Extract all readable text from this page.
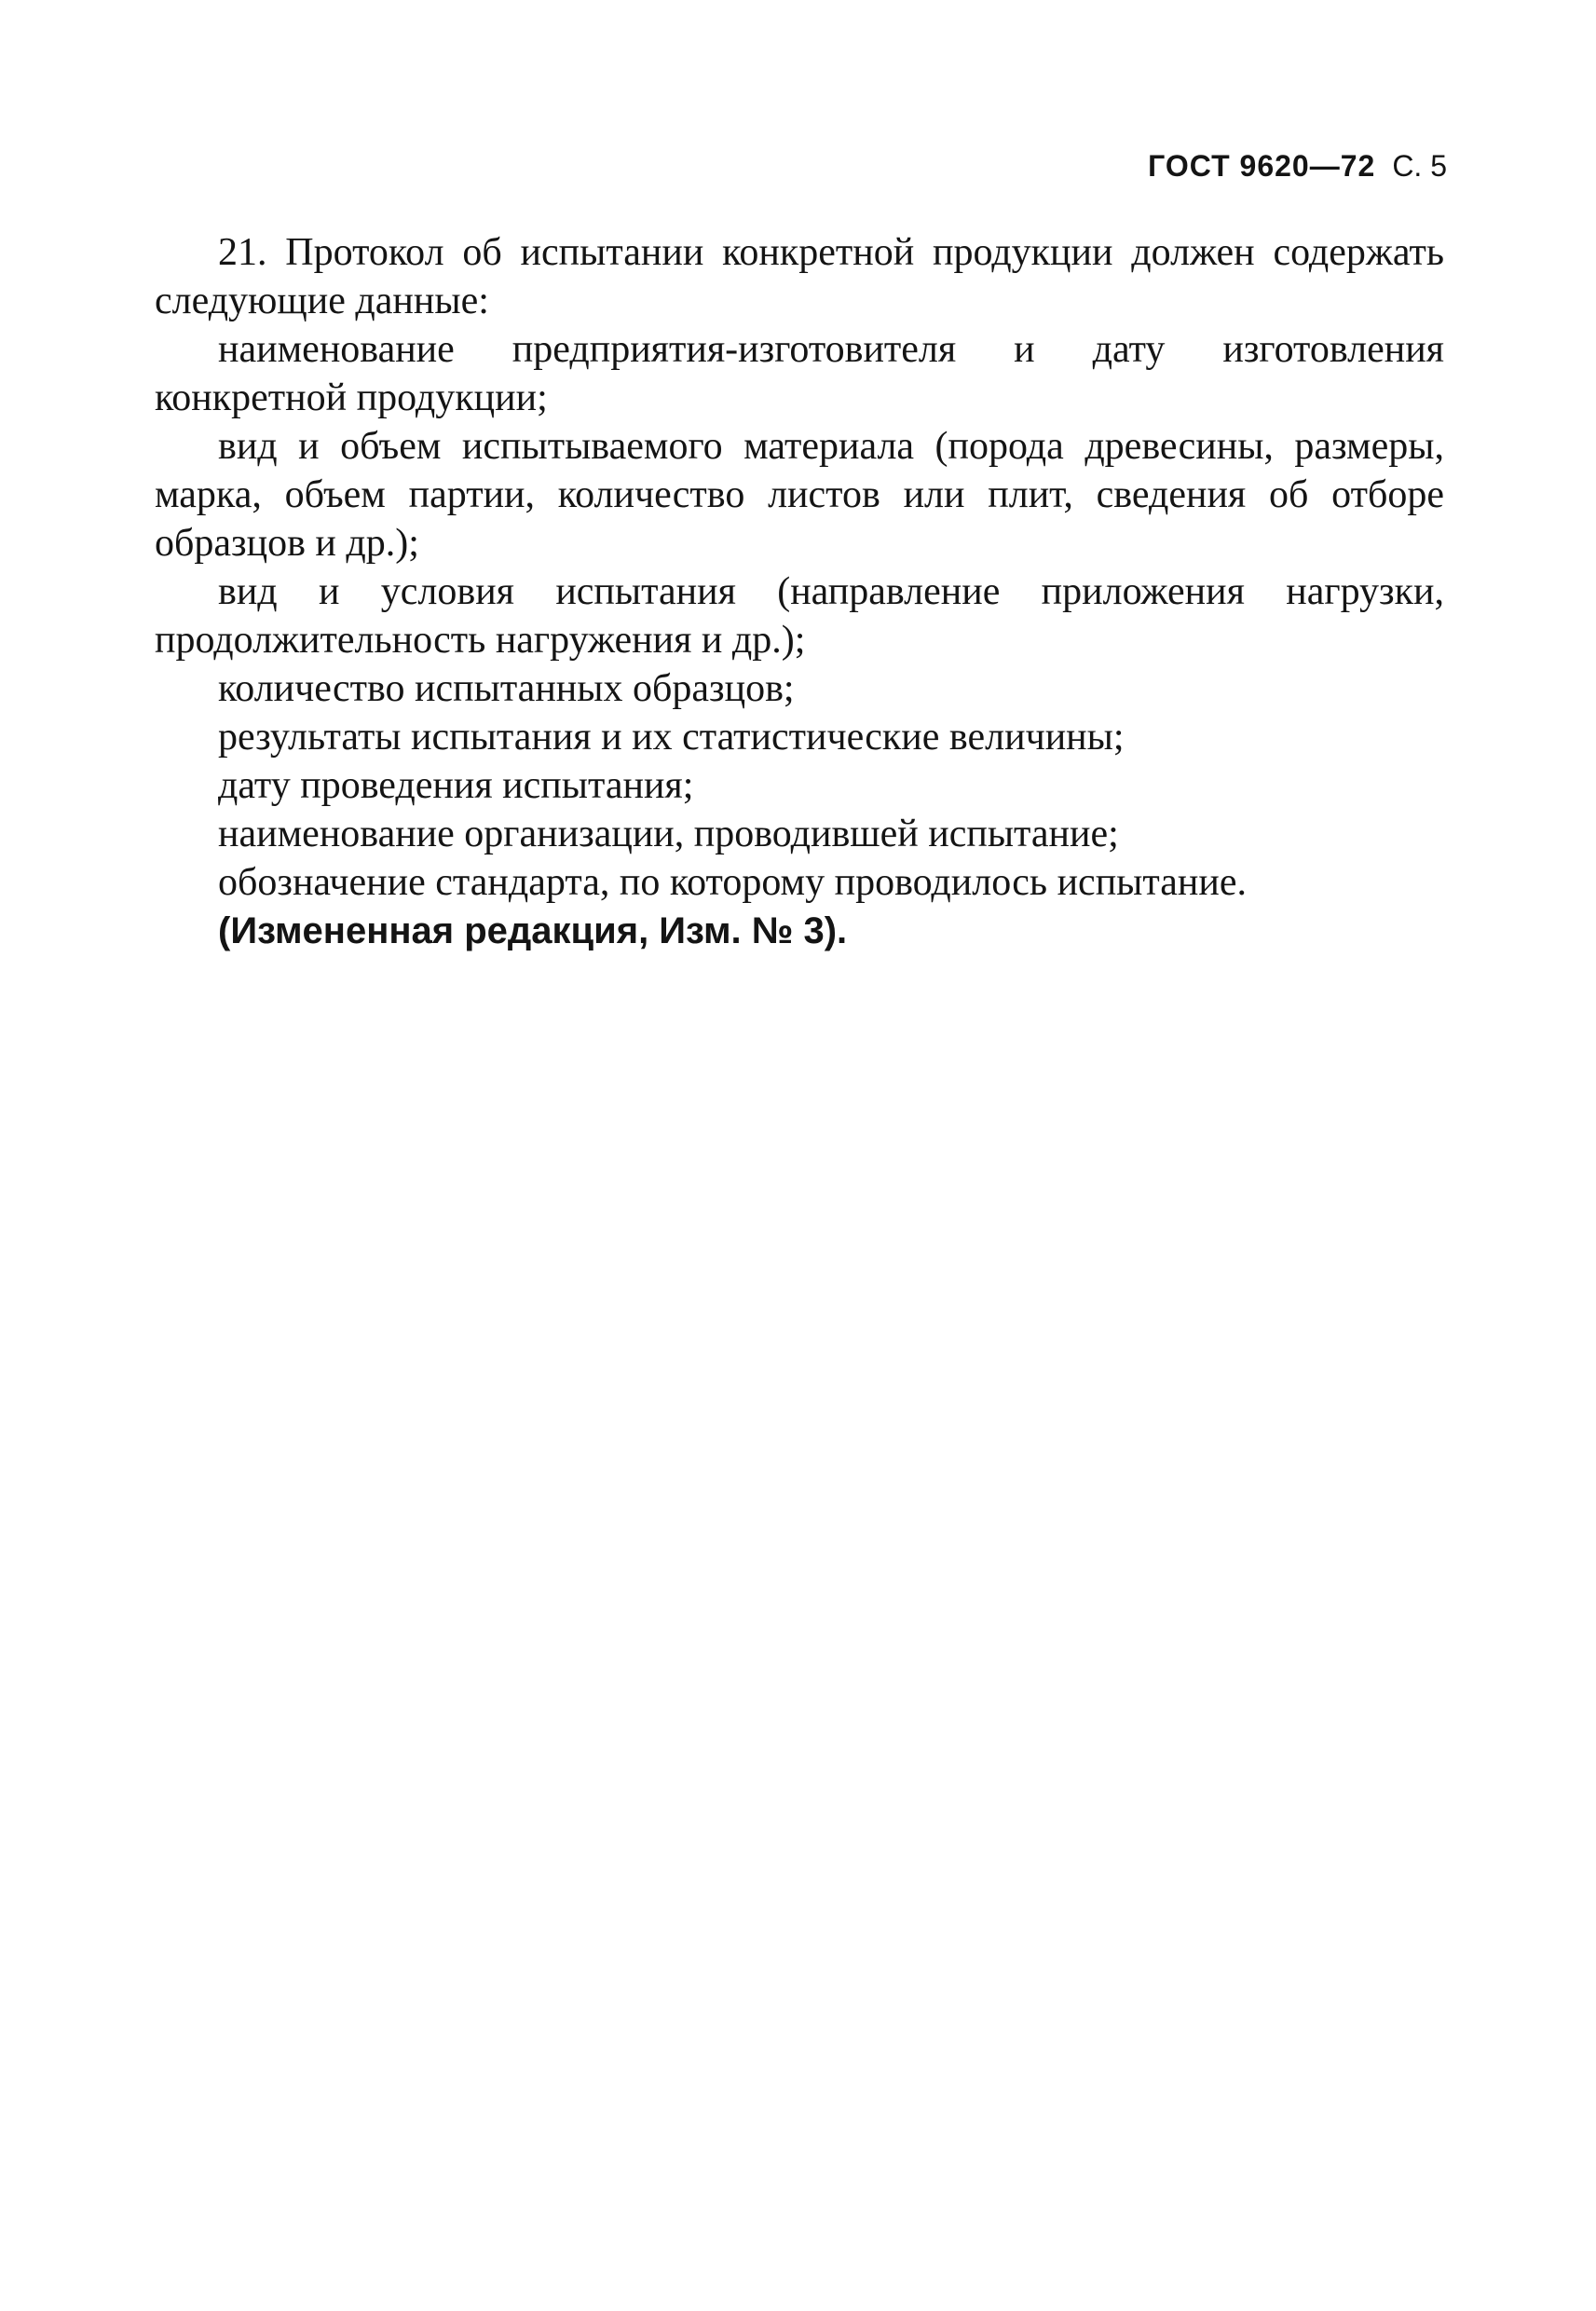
ГОСТ 9620—72 С. 5

21. Протокол об испытании конкретной продукции должен содержать следующие данные:

наименование предприятия-изготовителя и дату изготовления конкретной продукции;

вид и объем испытываемого материала (порода древесины, размеры, марка, объем партии, количество листов или плит, сведения об отборе образцов и др.);

вид и условия испытания (направление приложения нагрузки, продолжительность нагружения и др.);

количество испытанных образцов;

результаты испытания и их статистические величины;

дату проведения испытания;

наименование организации, проводившей испытание;

обозначение стандарта, по которому проводилось испытание.

(Измененная редакция, Изм. № 3).
